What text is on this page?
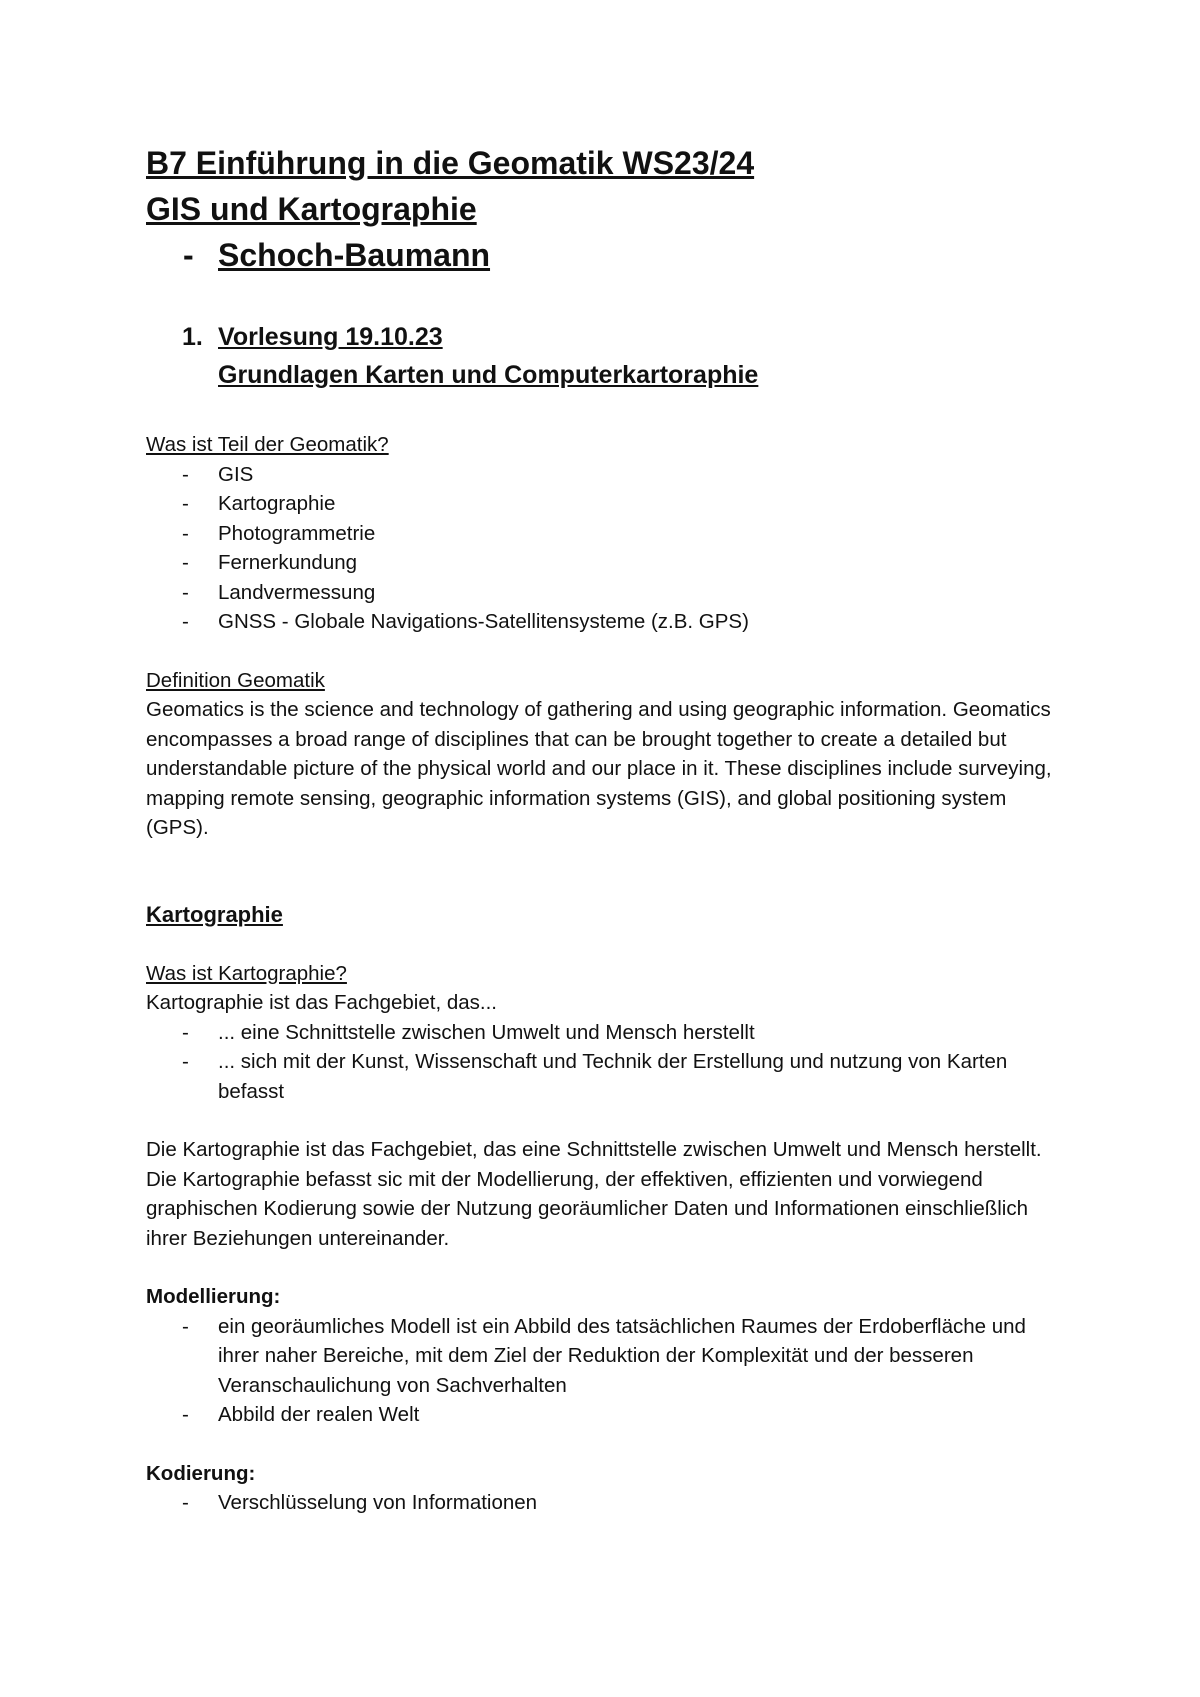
B7 Einführung in die Geomatik WS23/24

GIS und Kartographie

- Schoch-Baumann
1. Vorlesung 19.10.23
Grundlagen Karten und Computerkartoraphie

Was ist Teil der Geomatik?

-	GIS
-	Kartographie
-	Photogrammetrie
-	Fernerkundung
-	Landvermessung
-	GNSS - Globale Navigations-Satellitensysteme (z.B. GPS)

Definition Geomatik

Geomatics is the science and technology of gathering and using geographic information. Geomatics encompasses a broad range of disciplines that can be brought together to create a detailed but understandable picture of the physical world and our place in it. These disciplines include surveying, mapping remote sensing, geographic information systems (GIS), and global positioning system (GPS).

Kartographie

Was ist Kartographie?

Kartographie ist das Fachgebiet, das...

-	... eine Schnittstelle zwischen Umwelt und Mensch herstellt
-	... sich mit der Kunst, Wissenschaft und Technik der Erstellung und nutzung von Karten befasst

Die Kartographie ist das Fachgebiet, das eine Schnittstelle zwischen Umwelt und Mensch herstellt. Die Kartographie befasst sic mit der Modellierung, der effektiven, effizienten und vorwiegend graphischen Kodierung sowie der Nutzung georäumlicher Daten und Informationen einschließlich ihrer Beziehungen untereinander.

Modellierung:

-	ein georäumliches Modell ist ein Abbild des tatsächlichen Raumes der Erdoberfläche und ihrer naher Bereiche, mit dem Ziel der Reduktion der Komplexität und der besseren Veranschaulichung von Sachverhalten
-	Abbild der realen Welt

Kodierung:

-	Verschlüsselung von Informationen
